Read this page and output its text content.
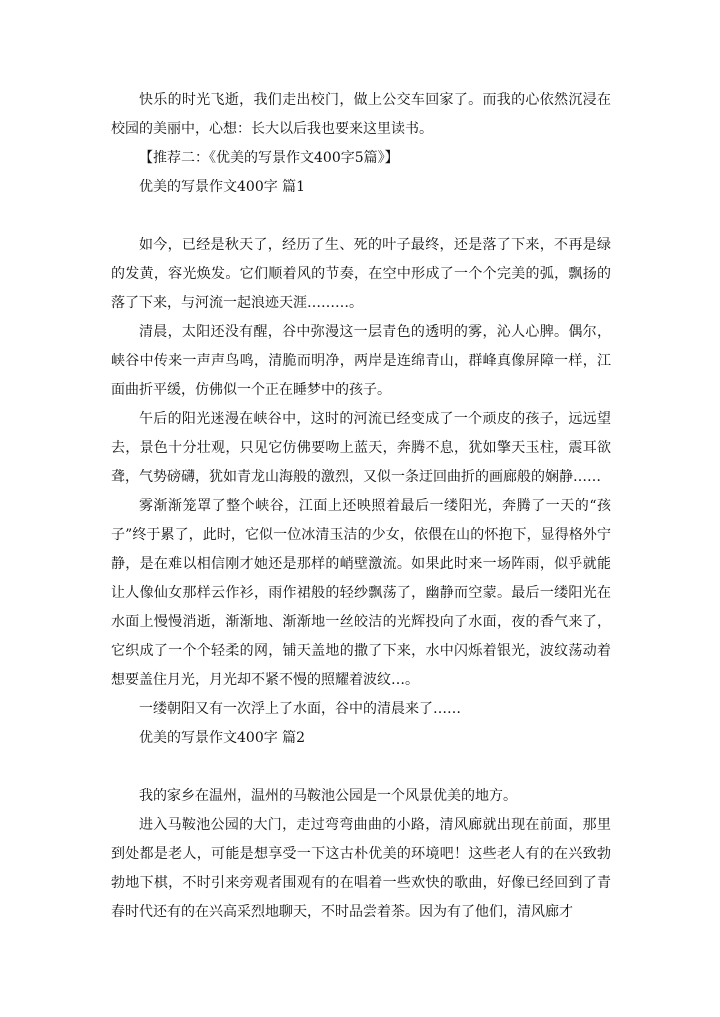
快乐的时光飞逝，我们走出校门，做上公交车回家了。而我的心依然沉浸在校园的美丽中，心想：长大以后我也要来这里读书。

【推荐二：《优美的写景作文400字5篇》】

优美的写景作文400字 篇1

如今，已经是秋天了，经历了生、死的叶子最终，还是落了下来，不再是绿的发黄，容光焕发。它们顺着风的节奏，在空中形成了一个个完美的弧，飘扬的落了下来，与河流一起浪迹天涯………。

清晨，太阳还没有醒，谷中弥漫这一层青色的透明的雾，沁人心脾。偶尔，峡谷中传来一声声鸟鸣，清脆而明净，两岸是连绵青山，群峰真像屏障一样，江面曲折平缓，仿佛似一个正在睡梦中的孩子。

午后的阳光迷漫在峡谷中，这时的河流已经变成了一个顽皮的孩子，远远望去，景色十分壮观，只见它仿佛要吻上蓝天，奔腾不息，犹如擎天玉柱，震耳欲聋，气势磅礴，犹如青龙山海般的激烈，又似一条迂回曲折的画廊般的娴静……

雾渐渐笼罩了整个峡谷，江面上还映照着最后一缕阳光，奔腾了一天的“孩子”终于累了，此时，它似一位冰清玉洁的少女，依偎在山的怀抱下，显得格外宁静，是在难以相信刚才她还是那样的峭壁激流。如果此时来一场阵雨，似乎就能让人像仙女那样云作衫，雨作裙般的轻纱飘荡了，幽静而空蒙。最后一缕阳光在水面上慢慢消逝，渐渐地、渐渐地一丝皎洁的光辉投向了水面，夜的香气来了，它织成了一个个轻柔的网，铺天盖地的撒了下来，水中闪烁着银光，波纹荡动着想要盖住月光，月光却不紧不慢的照耀着波纹…。

一缕朝阳又有一次浮上了水面，谷中的清晨来了……

优美的写景作文400字 篇2

我的家乡在温州，温州的马鞍池公园是一个风景优美的地方。

进入马鞍池公园的大门，走过弯弯曲曲的小路，清风廊就出现在前面，那里到处都是老人，可能是想享受一下这古朴优美的环境吧！这些老人有的在兴致勃勃地下棋，不时引来旁观者围观有的在唱着一些欢快的歌曲，好像已经回到了青春时代还有的在兴高采烈地聊天，不时品尝着茶。因为有了他们，清风廊才
